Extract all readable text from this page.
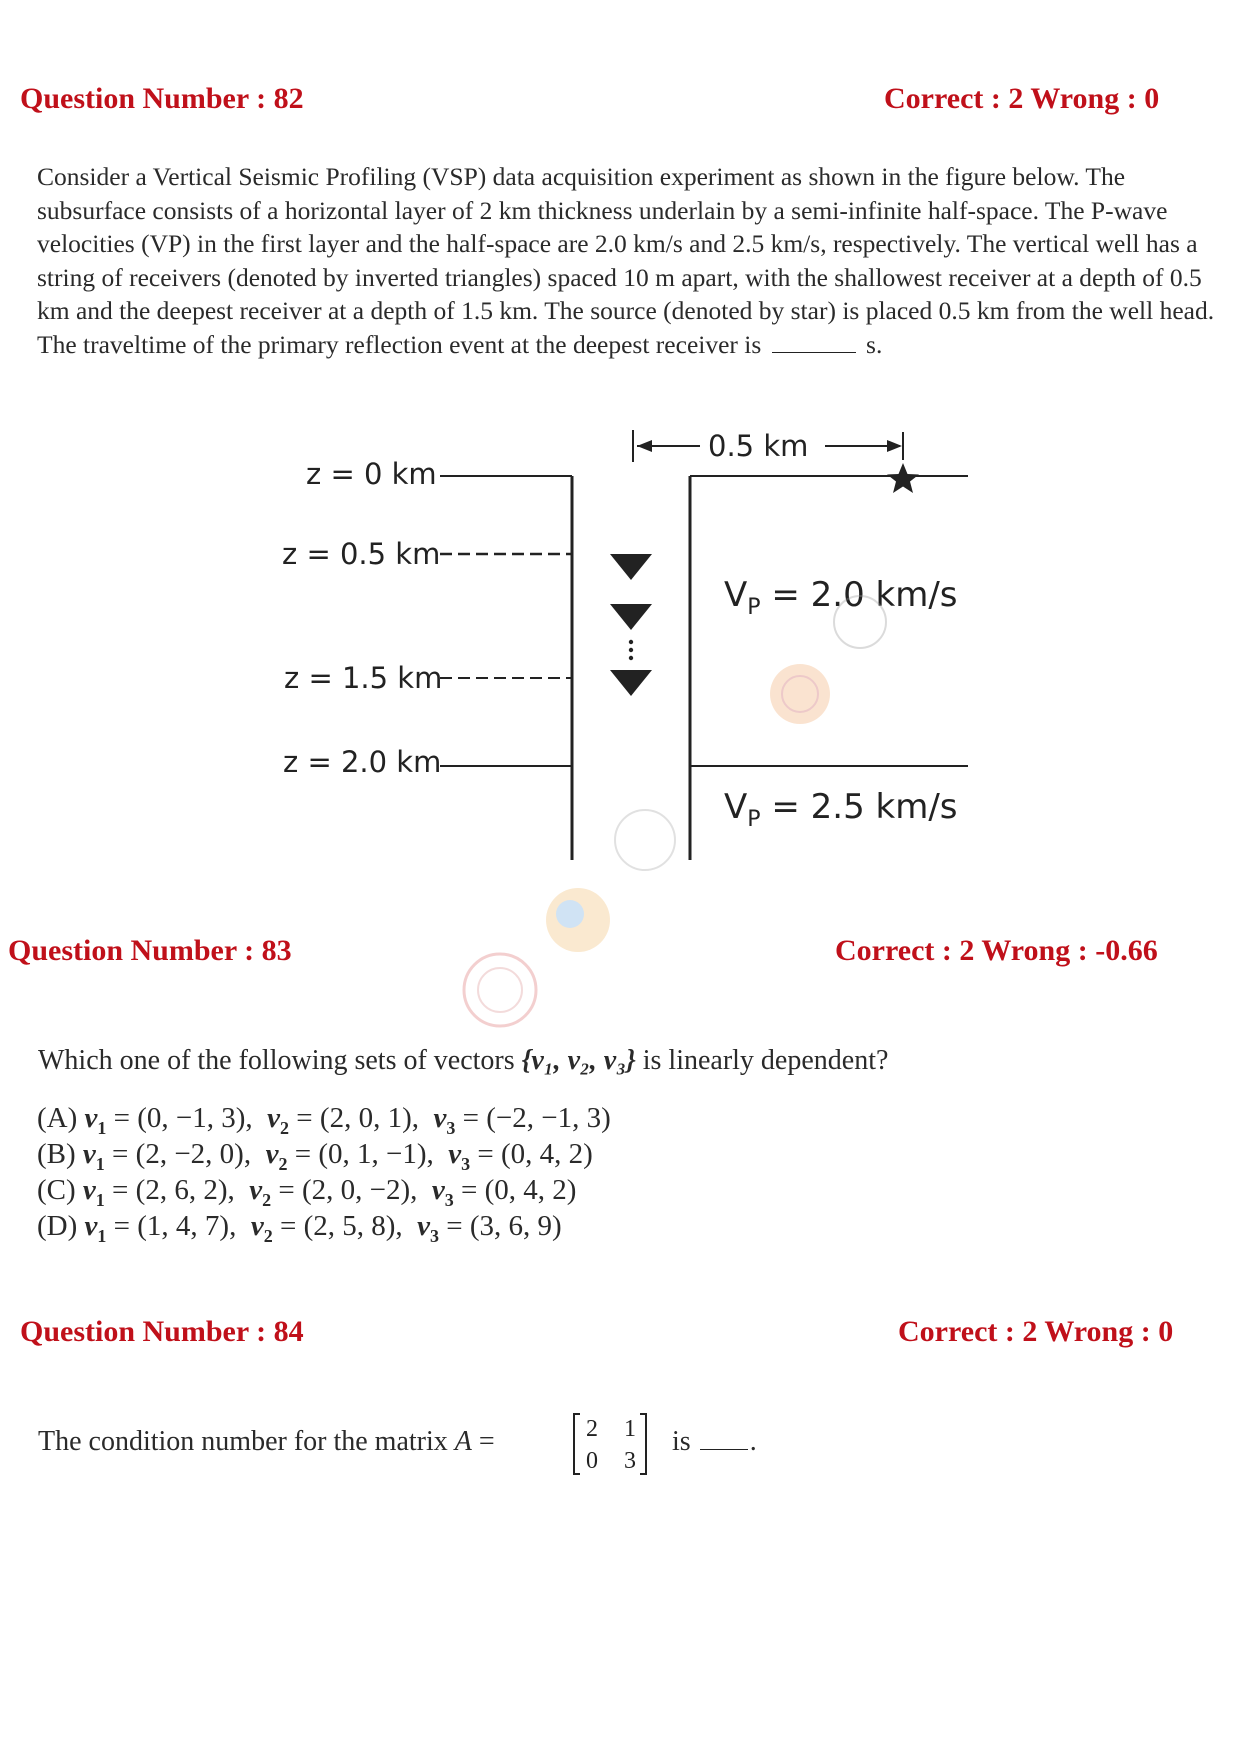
Question Number : 82	Correct : 2 Wrong : 0
Consider a Vertical Seismic Profiling (VSP) data acquisition experiment as shown in the figure below. The subsurface consists of a horizontal layer of 2 km thickness underlain by a semi-infinite half-space. The P-wave velocities (VP) in the first layer and the half-space are 2.0 km/s and 2.5 km/s, respectively. The vertical well has a string of receivers (denoted by inverted triangles) spaced 10 m apart, with the shallowest receiver at a depth of 0.5 km and the deepest receiver at a depth of 1.5 km. The source (denoted by star) is placed 0.5 km from the well head. The traveltime of the primary reflection event at the deepest receiver is	s.
0.5 km
z = 0 km
z = 0.5 km
z = 1.5 km
z = 2.0 km
$V_P = 2.0$ km/s
$V_P = 2.5$ km/s
Question Number : 83	Correct : 2 Wrong : -0.66
Which one of the following sets of vectors {v₁, v₂, v₃} is linearly dependent?
(A) $v_1 = (0$, −1, 3), $v_2 = (2$, 0, 1), $v_3 = (-2$, −1, 3)
(B) $v_1 = (2$, −2, 0), $v_2 = (0$, 1, −1), $v_3 = (0$, 4, 2)
(C) $v_1 = (2$, 6, 2), $v_2 = (2$, 0, −2), $v_3 = (0$, 4, 2)
(D) $v_1 = (1$, 4, 7), $v_2 = (2$, 5, 8), $v_3 = (3$, 6, 9)
Question Number : 84	Correct : 2 Wrong : 0
The condition number for the matrix A =	2 1
0 3
is .
